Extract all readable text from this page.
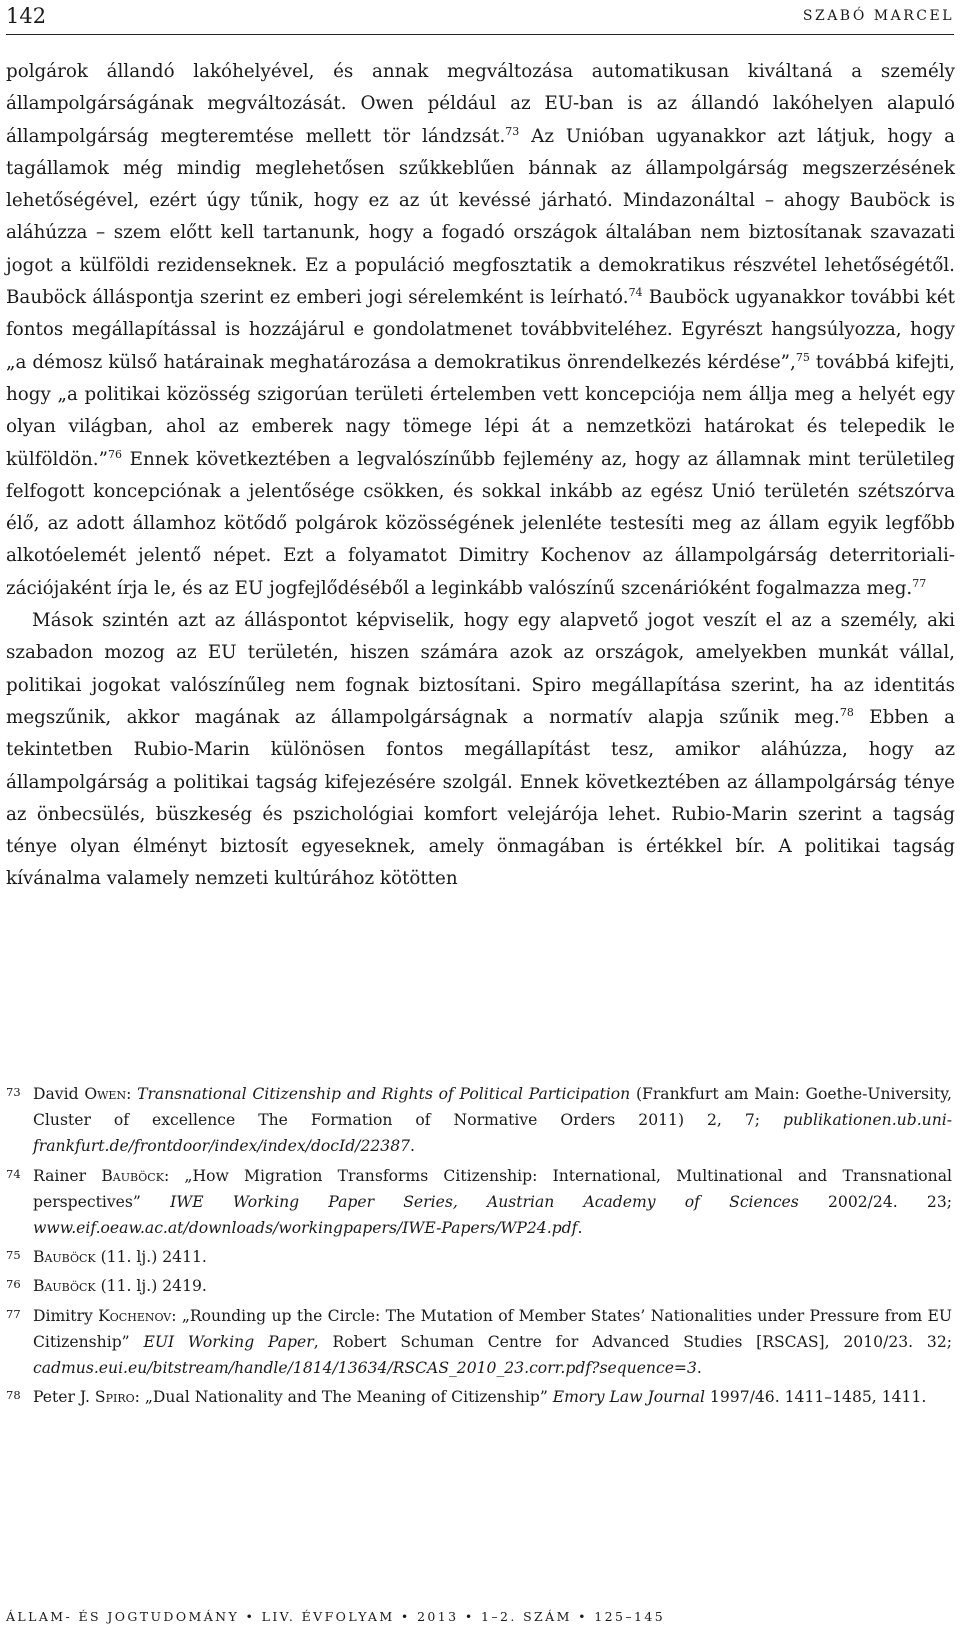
142	SZABÓ MARCEL

polgárok állandó lakóhelyével, és annak megváltozása automatikusan kiváltaná a személy állampolgárságának megváltozását. Owen például az EU-ban is az állandó lakóhelyen alapuló állampolgárság megteremtése mellett tör lándzsát.$^{73}$ Az Unióban ugyanakkor azt látjuk, hogy a tagállamok még mindig meglehetősen szűkkeblűen bánnak az állampolgárság megszerzésének lehetőségével, ezért úgy tűnik, hogy ez az út kevéssé járható. Mindazonáltal – ahogy Bauböck is aláhúzza – szem előtt kell tartanunk, hogy a fogadó országok általában nem biztosítanak szavazati jogot a külföldi rezidenseknek. Ez a populáció megfosztatik a demokratikus részvétel lehetőségétől. Bauböck álláspontja szerint ez emberi jogi sérelemként is leírható.$^{74}$ Bauböck ugyanakkor további két fontos megállapítással is hozzájárul e gondolatmenet továbbviteléhez. Egyrészt hangsúlyozza, hogy „a démosz külső határainak meghatározása a demokratikus önrendelkezés kérdése”,$^{75}$ továbbá kifejti, hogy „a politikai közösség szigorúan területi értelemben vett koncepciója nem állja meg a helyét egy olyan világban, ahol az emberek nagy tömege lépi át a nemzetközi határokat és telepedik le külföldön.”$^{76}$ Ennek következtében a legvalószínűbb fejlemény az, hogy az államnak mint területileg felfogott koncepciónak a jelentősége csökken, és sokkal inkább az egész Unió területén szétszórva élő, az adott államhoz kötődő polgárok közösségének jelenléte testesíti meg az állam egyik legfőbb alkotóelemét jelentő népet. Ezt a folyamatot Dimitry Kochenov az állampolgárság deterritorializációjaként írja le, és az EU jogfejlődéséből a leginkább valószínű szcenárióként fogalmazza meg.$^{77}$

Mások szintén azt az álláspontot képviselik, hogy egy alapvető jogot veszít el az a személy, aki szabadon mozog az EU területén, hiszen számára azok az országok, amelyekben munkát vállal, politikai jogokat valószínűleg nem fognak biztosítani. Spiro megállapítása szerint, ha az identitás megszűnik, akkor magának az állampolgárságnak a normatív alapja szűnik meg.$^{78}$ Ebben a tekintetben Rubio-Marin különösen fontos megállapítást tesz, amikor aláhúzza, hogy az állampolgárság a politikai tagság kifejezésére szolgál. Ennek következtében az állampolgárság ténye az önbecsülés, büszkeség és pszichológiai komfort velejárója lehet. Rubio-Marin szerint a tagság ténye olyan élményt biztosít egyeseknek, amely önmagában is értékkel bír. A politikai tagság kívánalma valamely nemzeti kultúrához kötötten

73 David Owen: Transnational Citizenship and Rights of Political Participation (Frankfurt am Main: Goethe-University, Cluster of excellence The Formation of Normative Orders 2011) 2, 7; publikationen.ub.uni-frankfurt.de/frontdoor/index/index/docId/22387.
74 Rainer Bauböck: „How Migration Transforms Citizenship: International, Multinational and Transnational perspectives” IWE Working Paper Series, Austrian Academy of Sciences 2002/24. 23; www.eif.oeaw.ac.at/downloads/workingpapers/IWE-Papers/WP24.pdf.
75 Bauböck (11. lj.) 2411.
76 Bauböck (11. lj.) 2419.
77 Dimitry Kochenov: „Rounding up the Circle: The Mutation of Member States’ Nationalities under Pressure from EU Citizenship” EUI Working Paper, Robert Schuman Centre for Advanced Studies [RSCAS], 2010/23. 32; cadmus.eui.eu/bitstream/handle/1814/13634/RSCAS_2010_23.corr.pdf?sequence=3.
78 Peter J. Spiro: „Dual Nationality and The Meaning of Citizenship” Emory Law Journal 1997/46. 1411–1485, 1411.
ÁLLAM- ÉS JOGTUDOMÁNY • LIV. ÉVFOLYAM • 2013 • 1–2. SZÁM • 125–145
